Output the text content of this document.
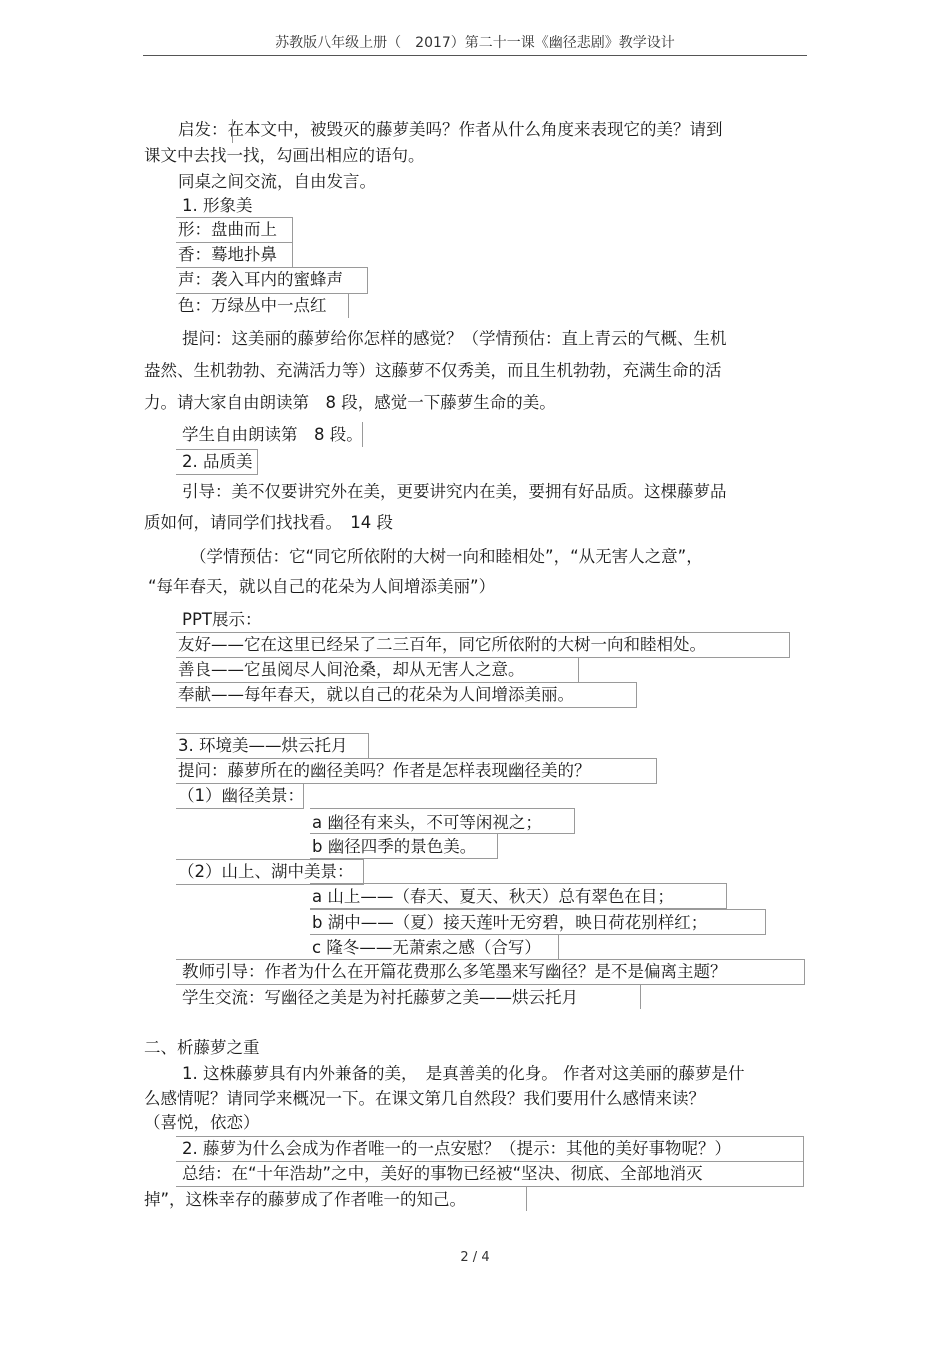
苏教版八年级上册（　2017）第二十一课《幽径悲剧》教学设计
启发：在本文中，被毁灭的藤萝美吗？作者从什么角度来表现它的美？请到
课文中去找一找，勾画出相应的语句。
同桌之间交流，自由发言。
1. 形象美
形：盘曲而上
香：蓦地扑鼻
声：袭入耳内的蜜蜂声
色：万绿丛中一点红
提问：这美丽的藤萝给你怎样的感觉？（学情预估：直上青云的气概、生机
盎然、生机勃勃、充满活力等）这藤萝不仅秀美，而且生机勃勃，充满生命的活
力。请大家自由朗读第　8 段，感觉一下藤萝生命的美。
学生自由朗读第　8 段。
2. 品质美
引导：美不仅要讲究外在美，更要讲究内在美，要拥有好品质。这棵藤萝品
质如何，请同学们找找看。　14 段
（学情预估：它“同它所依附的大树一向和睦相处”，“从无害人之意”，
“每年春天，就以自己的花朵为人间增添美丽”）
PPT展示：
友好——它在这里已经呆了二三百年，同它所依附的大树一向和睦相处。
善良——它虽阅尽人间沧桑，却从无害人之意。
奉献——每年春天，就以自己的花朵为人间增添美丽。
3. 环境美——烘云托月
提问：藤萝所在的幽径美吗？作者是怎样表现幽径美的？
（1）幽径美景：
a 幽径有来头，不可等闲视之；
b 幽径四季的景色美。
（2）山上、湖中美景：
a 山上——（春天、夏天、秋天）总有翠色在目；
b 湖中——（夏）接天莲叶无穷碧，映日荷花别样红；
c 隆冬——无萧索之感（合写）
教师引导：作者为什么在开篇花费那么多笔墨来写幽径？是不是偏离主题？
学生交流：写幽径之美是为衬托藤萝之美——烘云托月
二、析藤萝之重
1. 这株藤萝具有内外兼备的美，　是真善美的化身。 作者对这美丽的藤萝是什
么感情呢？请同学来概况一下。在课文第几自然段？我们要用什么感情来读？
（喜悦，依恋）
2. 藤萝为什么会成为作者唯一的一点安慰？（提示：其他的美好事物呢？）
总结：在“十年浩劫”之中，美好的事物已经被“坚决、彻底、全部地消灭
掉”，这株幸存的藤萝成了作者唯一的知己。
2 / 4
